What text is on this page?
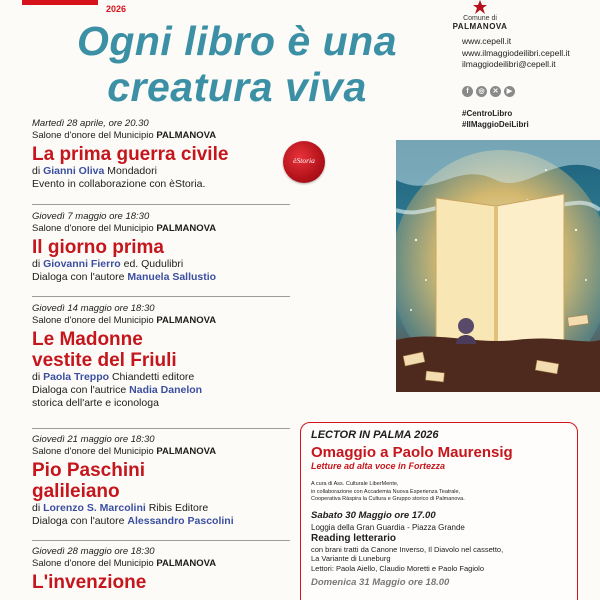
2026
Ogni libro è una
creatura viva
Comune di
PALMANOVA
www.cepell.it
www.ilmaggiodeilibri.cepell.it
ilmaggiodeilibri@cepell.it
f	◎	✕	▶
#CentroLibro
#IlMaggioDeiLibri
Martedì 28 aprile, ore 20.30
Salone d'onore del Municipio PALMANOVA
La prima guerra civile
di Gianni Oliva Mondadori
Evento in collaborazione con èStoria.
èStoria
Giovedì 7 maggio ore 18:30
Salone d'onore del Municipio PALMANOVA
Il giorno prima
di Giovanni Fierro ed. Qudulibri
Dialoga con l'autore Manuela Sallustio
Giovedì 14 maggio ore 18:30
Salone d'onore del Municipio PALMANOVA
Le Madonne
vestite del Friuli
di Paola Treppo Chiandetti editore
Dialoga con l'autrice Nadia Danelon
storica dell'arte e iconologa
Giovedì 21 maggio ore 18:30
Salone d'onore del Municipio PALMANOVA
Pio Paschini
galileiano
di Lorenzo S. Marcolini Ribis Editore
Dialoga con l'autore Alessandro Pascolini
Giovedì 28 maggio ore 18:30
Salone d'onore del Municipio PALMANOVA
L'invenzione
LECTOR IN PALMA 2026
Omaggio a Paolo Maurensig
Letture ad alta voce in Fortezza
A cura di Ass. Culturale LiberMente,
in collaborazione con Accademia Nuova Esperienza Teatrale,
Cooperativa Ràspira la Cultura e Gruppo storico di Palmanova.
Sabato 30 Maggio ore 17.00
Loggia della Gran Guardia - Piazza Grande
Reading letterario
con brani tratti da Canone Inverso, Il Diavolo nel cassetto,
La Variante di Luneburg
Lettori: Paola Aiello, Claudio Moretti e Paolo Fagiolo
Domenica 31 Maggio ore 18.00
